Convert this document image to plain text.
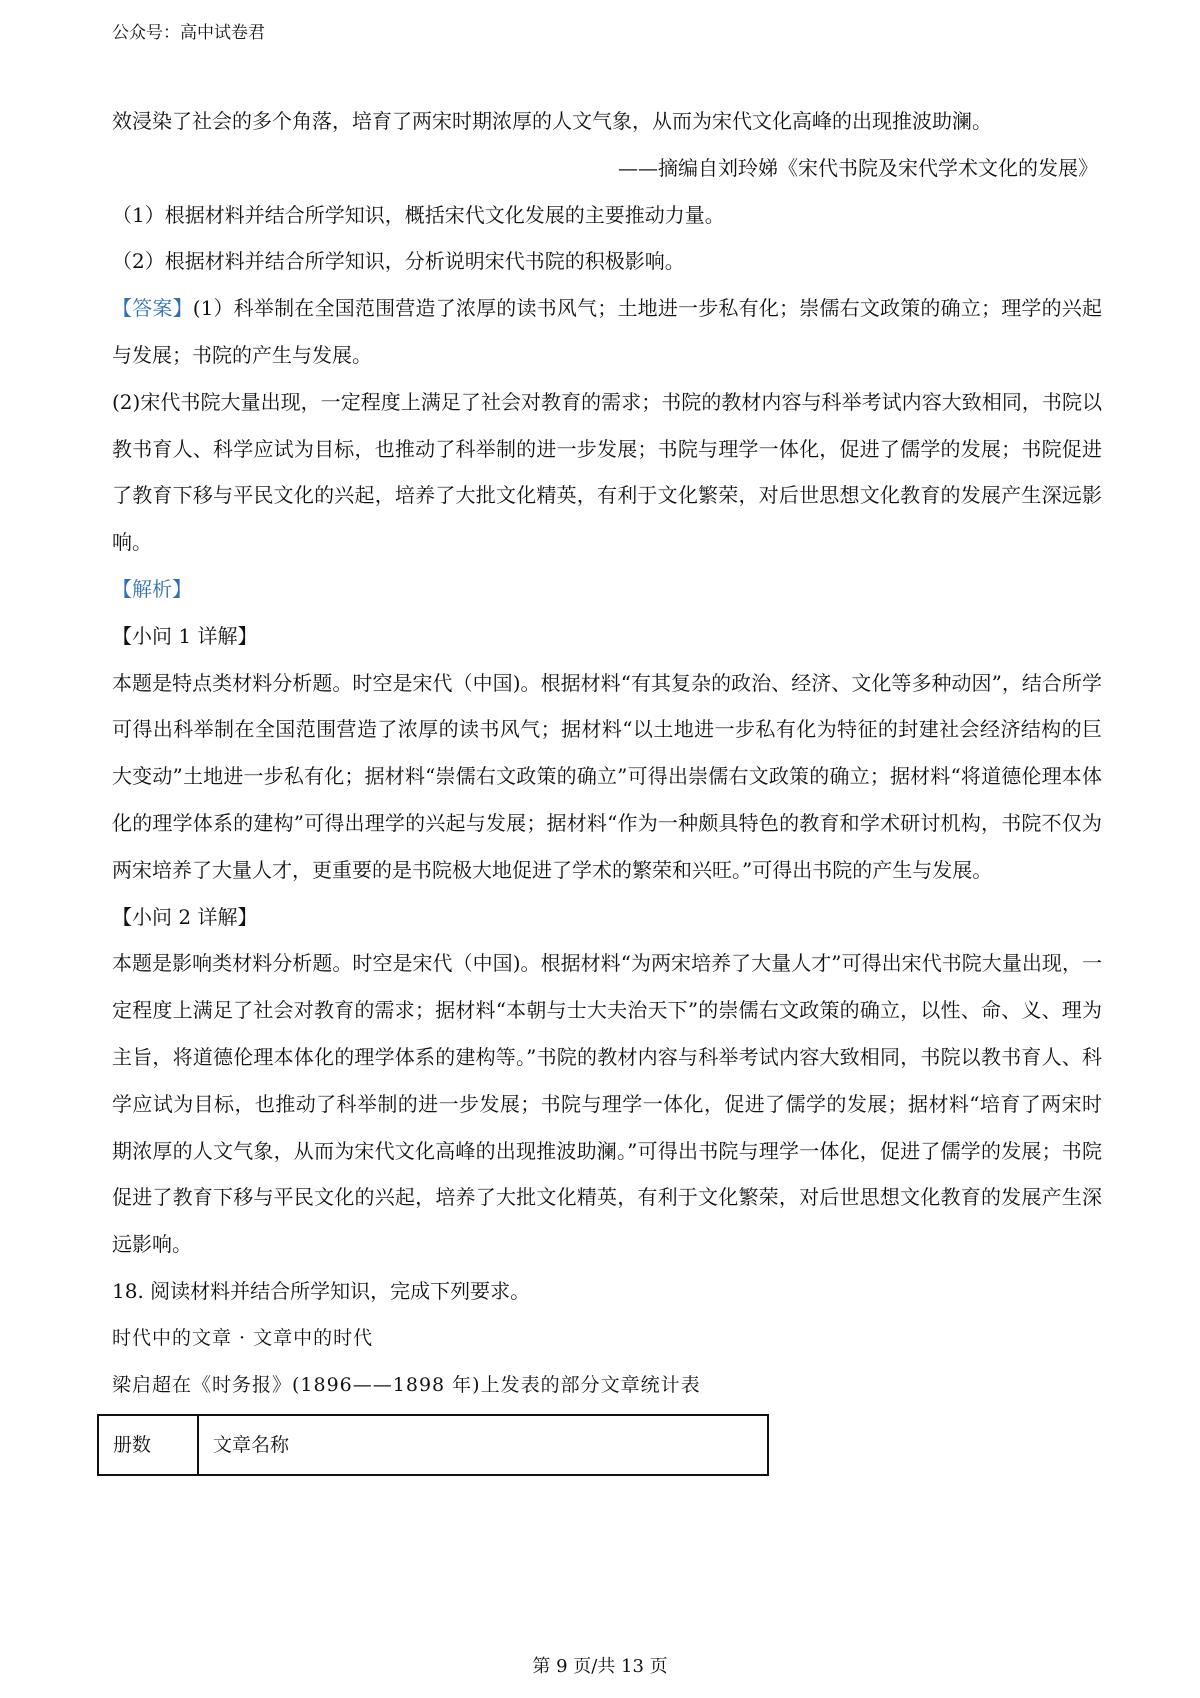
公众号：高中试卷君

效浸染了社会的多个角落，培育了两宋时期浓厚的人文气象，从而为宋代文化高峰的出现推波助澜。

——摘编自刘玲娣《宋代书院及宋代学术文化的发展》

（1）根据材料并结合所学知识，概括宋代文化发展的主要推动力量。

（2）根据材料并结合所学知识，分析说明宋代书院的积极影响。

【答案】(1）科举制在全国范围营造了浓厚的读书风气；土地进一步私有化；崇儒右文政策的确立；理学的兴起与发展；书院的产生与发展。

(2)宋代书院大量出现，一定程度上满足了社会对教育的需求；书院的教材内容与科举考试内容大致相同，书院以教书育人、科学应试为目标，也推动了科举制的进一步发展；书院与理学一体化，促进了儒学的发展；书院促进了教育下移与平民文化的兴起，培养了大批文化精英，有利于文化繁荣，对后世思想文化教育的发展产生深远影响。

【解析】

【小问 1 详解】

本题是特点类材料分析题。时空是宋代（中国)。根据材料“有其复杂的政治、经济、文化等多种动因”，结合所学可得出科举制在全国范围营造了浓厚的读书风气；据材料“以土地进一步私有化为特征的封建社会经济结构的巨大变动”土地进一步私有化；据材料“崇儒右文政策的确立”可得出崇儒右文政策的确立；据材料“将道德伦理本体化的理学体系的建构”可得出理学的兴起与发展；据材料“作为一种颇具特色的教育和学术研讨机构，书院不仅为两宋培养了大量人才，更重要的是书院极大地促进了学术的繁荣和兴旺。”可得出书院的产生与发展。

【小问 2 详解】

本题是影响类材料分析题。时空是宋代（中国)。根据材料“为两宋培养了大量人才”可得出宋代书院大量出现，一定程度上满足了社会对教育的需求；据材料“本朝与士大夫治天下”的崇儒右文政策的确立，以性、命、义、理为主旨，将道德伦理本体化的理学体系的建构等。”书院的教材内容与科举考试内容大致相同，书院以教书育人、科学应试为目标，也推动了科举制的进一步发展；书院与理学一体化，促进了儒学的发展；据材料“培育了两宋时期浓厚的人文气象，从而为宋代文化高峰的出现推波助澜。”可得出书院与理学一体化，促进了儒学的发展；书院促进了教育下移与平民文化的兴起，培养了大批文化精英，有利于文化繁荣，对后世思想文化教育的发展产生深远影响。

18. 阅读材料并结合所学知识，完成下列要求。

时代中的文章 · 文章中的时代

梁启超在《时务报》(1896——1898 年)上发表的部分文章统计表

册数	文章名称
第 9 页/共 13 页
